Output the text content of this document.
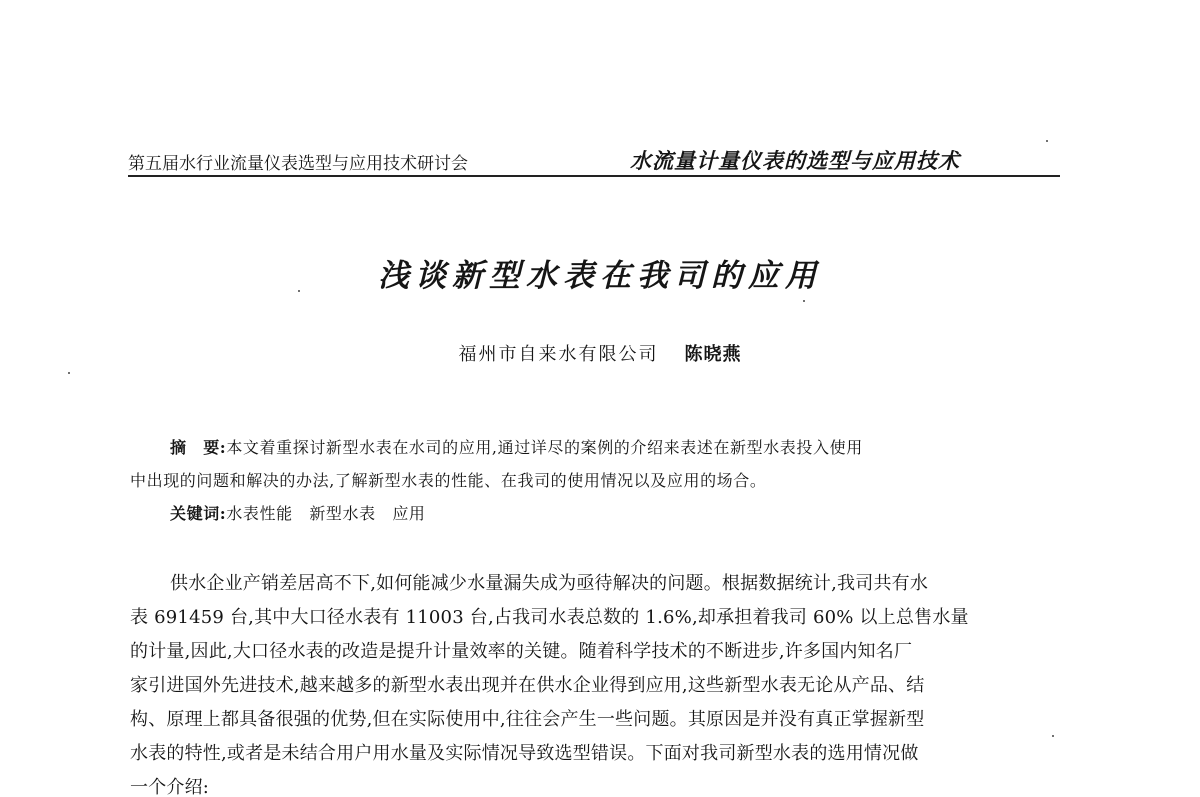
第五届水行业流量仪表选型与应用技术研讨会	水流量计量仪表的选型与应用技术
浅谈新型水表在我司的应用
福州市自来水有限公司 陈晓燕
摘　要:本文着重探讨新型水表在水司的应用,通过详尽的案例的介绍来表述在新型水表投入使用
中出现的问题和解决的办法,了解新型水表的性能、在我司的使用情况以及应用的场合。
关键词:水表性能　新型水表　应用
供水企业产销差居高不下,如何能减少水量漏失成为亟待解决的问题。根据数据统计,我司共有水
表 691459 台,其中大口径水表有 11003 台,占我司水表总数的 1.6%,却承担着我司 60% 以上总售水量
的计量,因此,大口径水表的改造是提升计量效率的关键。随着科学技术的不断进步,许多国内知名厂
家引进国外先进技术,越来越多的新型水表出现并在供水企业得到应用,这些新型水表无论从产品、结
构、原理上都具备很强的优势,但在实际使用中,往往会产生一些问题。其原因是并没有真正掌握新型
水表的特性,或者是未结合用户用水量及实际情况导致选型错误。下面对我司新型水表的选用情况做
一个介绍:
